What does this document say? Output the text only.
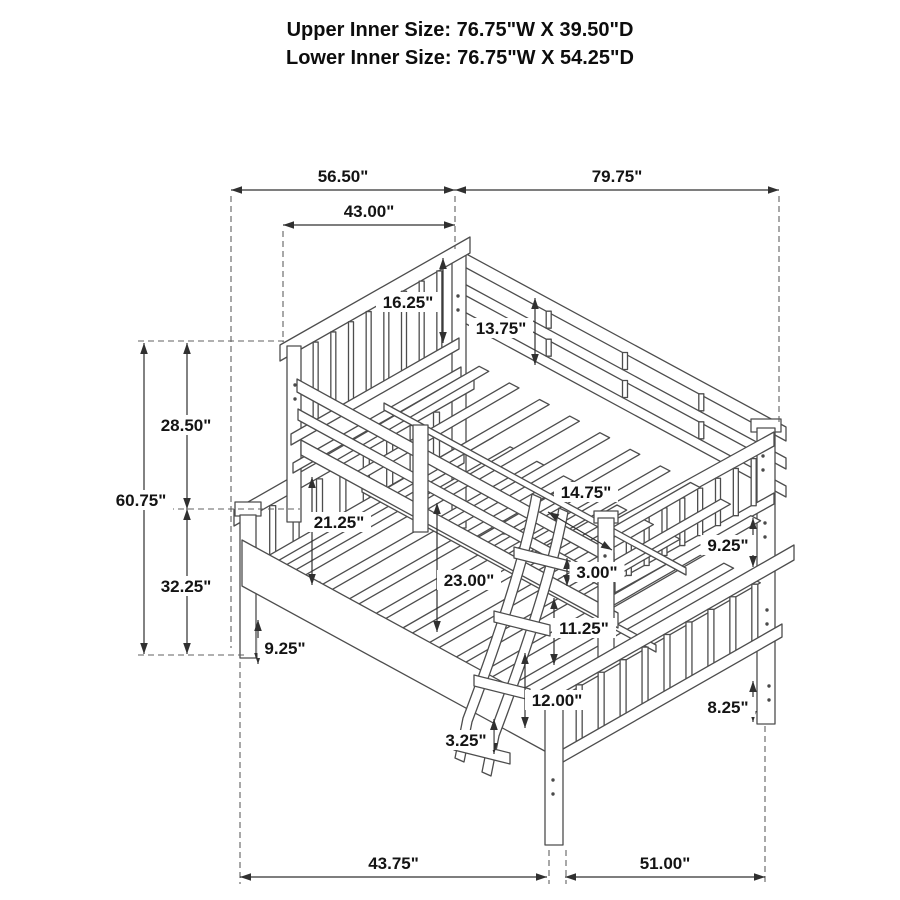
Upper Inner Size: 76.75"W X 39.50"D
Lower Inner Size: 76.75"W X 54.25"D
56.50"	79.75"
43.00"
60.75"
28.50"
32.25"
16.25"
13.75"
21.25"
23.00"
14.75"
3.00"
9.25"
11.25"
12.00"
3.25"
9.25"
8.25"
43.75"	51.00"
